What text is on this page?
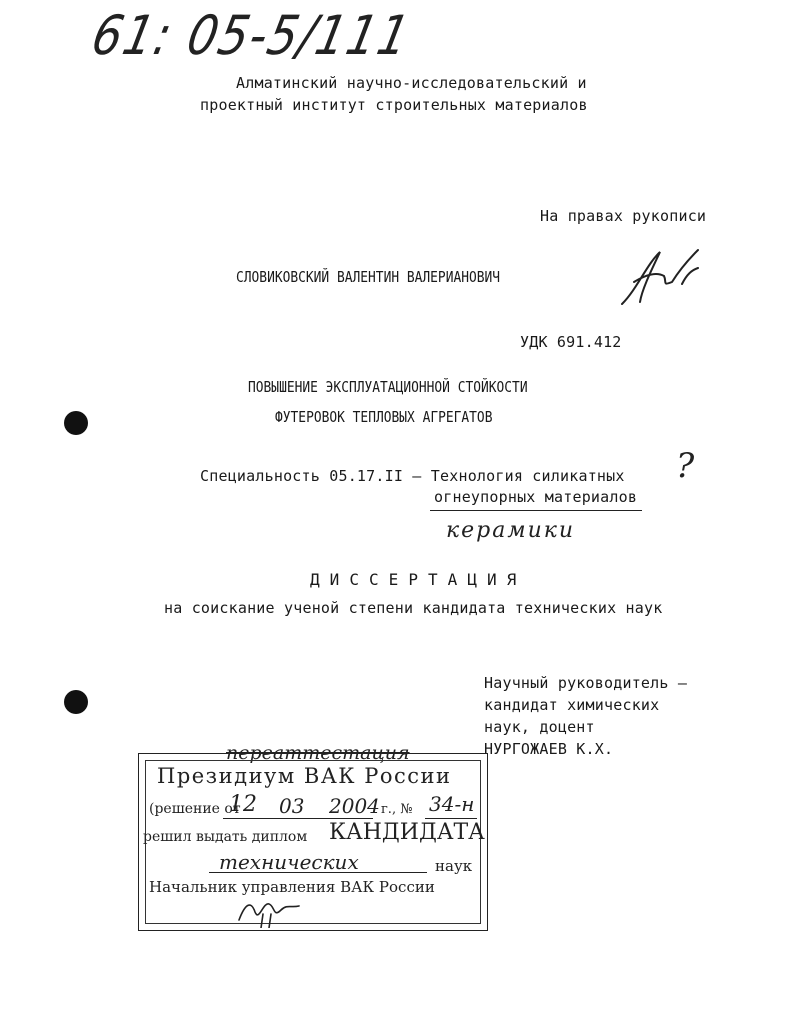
61: 05-5/111
Алматинский научно-исследовательский и
проектный институт строительных материалов
На правах рукописи
СЛОВИКОВСКИЙ ВАЛЕНТИН ВАЛЕРИАНОВИЧ
УДК 691.412
ПОВЫШЕНИЕ ЭКСПЛУАТАЦИОННОЙ СТОЙКОСТИ
ФУТЕРОВОК ТЕПЛОВЫХ АГРЕГАТОВ
Специальность 05.17.II – Технология силикатных
огнеупорных материалов
?
керамики
Д И С С Е Р Т А Ц И Я
на соискание ученой степени кандидата технических наук
Научный руководитель –
кандидат химических
наук, доцент
НУРГОЖАЕВ К.Х.
переаттестация
Президиум ВАК России
(решение от
12 03 2004 г., № 34-н
решил выдать диплом КАНДИДАТА
технических	наук
Начальник управления ВАК России
